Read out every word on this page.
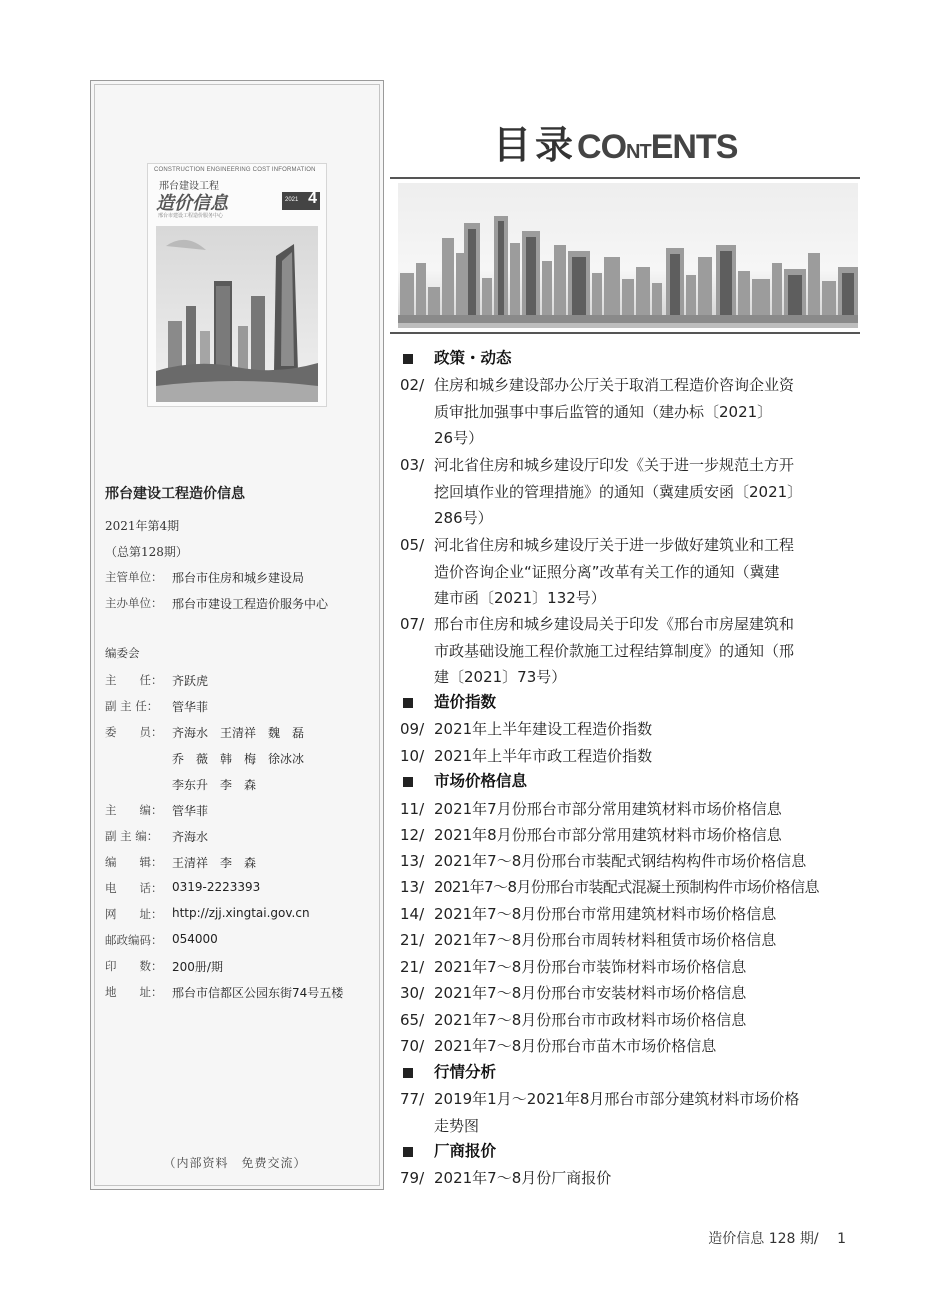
CONSTRUCTION ENGINEERING COST INFORMATION
邢台建设工程
造价信息
邢台市建设工程造价服务中心
2021 4
邢台建设工程造价信息
2021年第4期
（总第128期）
主管单位： 邢台市住房和城乡建设局
主办单位： 邢台市建设工程造价服务中心
编委会
主　　任： 齐跃虎
副 主 任： 管华菲
委　　员： 齐海水　王清祥　魏　磊
乔　薇　韩　梅　徐冰冰
李东升　李　森
主　　编： 管华菲
副 主 编： 齐海水
编　　辑： 王清祥　李　森
电　　话： 0319-2223393
网　　址： http://zjj.xingtai.gov.cn
邮政编码： 054000
印　　数： 200册/期
地　　址： 邢台市信都区公园东街74号五楼
（内部资料　免费交流）
目录CONTENTS
政策・动态
造价指数
市场价格信息
行情分析
厂商报价
02/ 住房和城乡建设部办公厅关于取消工程造价咨询企业资
质审批加强事中事后监管的通知（建办标〔2021〕
26号）
03/ 河北省住房和城乡建设厅印发《关于进一步规范土方开
挖回填作业的管理措施》的通知（冀建质安函〔2021〕
286号）
05/ 河北省住房和城乡建设厅关于进一步做好建筑业和工程
造价咨询企业“证照分离”改革有关工作的通知（冀建
建市函〔2021〕132号）
07/ 邢台市住房和城乡建设局关于印发《邢台市房屋建筑和
市政基础设施工程价款施工过程结算制度》的通知（邢
建〔2021〕73号）
09/ 2021年上半年建设工程造价指数
10/ 2021年上半年市政工程造价指数
11/ 2021年7月份邢台市部分常用建筑材料市场价格信息
12/ 2021年8月份邢台市部分常用建筑材料市场价格信息
13/ 2021年7～8月份邢台市装配式钢结构构件市场价格信息
13/ 2021年7～8月份邢台市装配式混凝土预制构件市场价格信息
14/ 2021年7～8月份邢台市常用建筑材料市场价格信息
21/ 2021年7～8月份邢台市周转材料租赁市场价格信息
21/ 2021年7～8月份邢台市装饰材料市场价格信息
30/ 2021年7～8月份邢台市安装材料市场价格信息
65/ 2021年7～8月份邢台市市政材料市场价格信息
70/ 2021年7～8月份邢台市苗木市场价格信息
77/ 2019年1月～2021年8月邢台市部分建筑材料市场价格
走势图
79/ 2021年7～8月份厂商报价
造价信息 128 期/　 1
